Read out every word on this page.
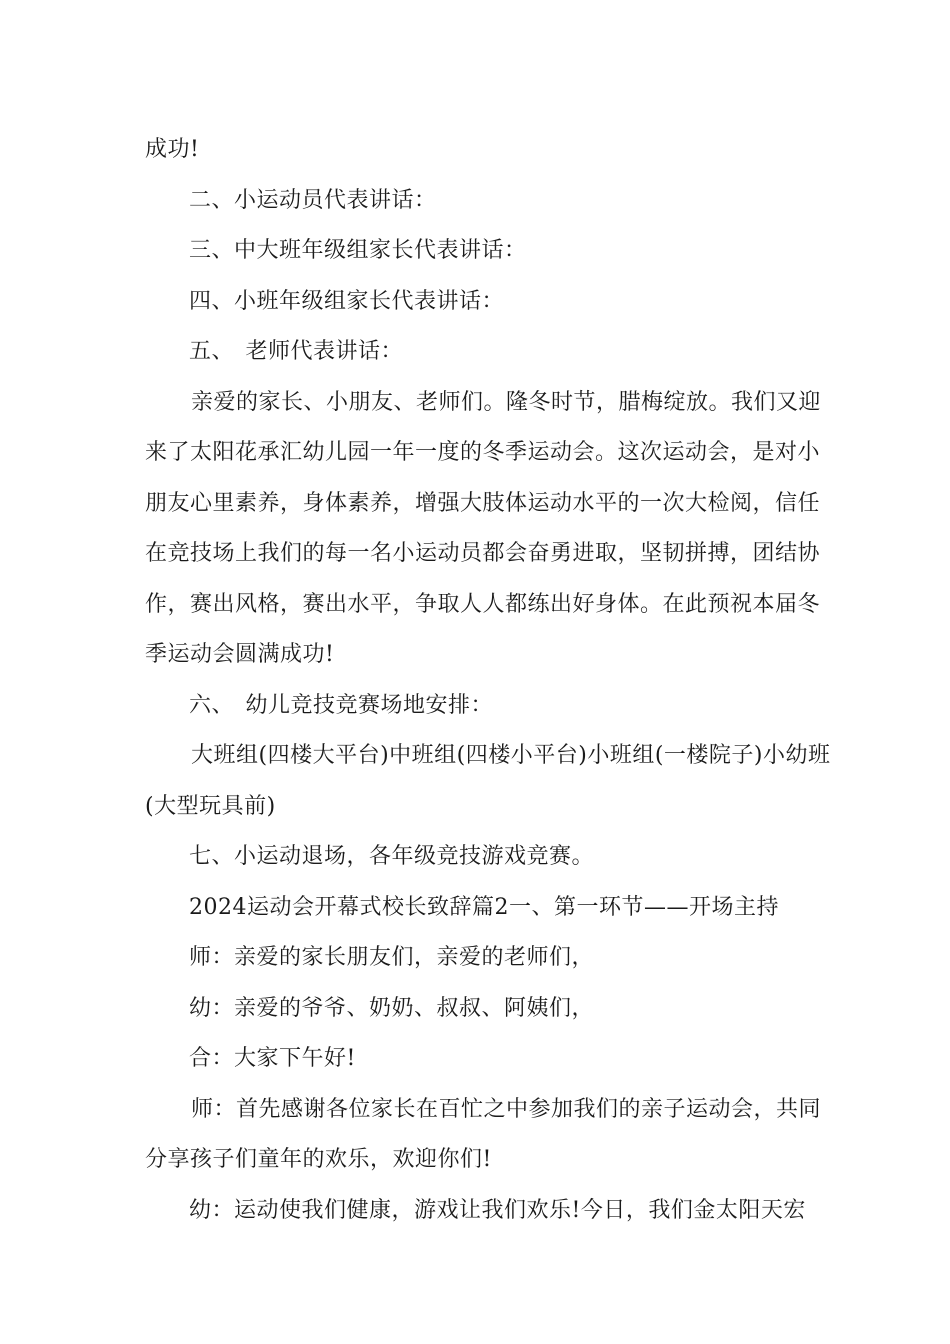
成功!

二、小运动员代表讲话：

三、中大班年级组家长代表讲话：

四、小班年级组家长代表讲话：

五、　老师代表讲话：

亲爱的家长、小朋友、老师们。隆冬时节，腊梅绽放。我们又迎来了太阳花承汇幼儿园一年一度的冬季运动会。这次运动会，是对小朋友心里素养，身体素养，增强大肢体运动水平的一次大检阅，信任在竞技场上我们的每一名小运动员都会奋勇进取，坚韧拼搏，团结协作，赛出风格，赛出水平，争取人人都练出好身体。在此预祝本届冬季运动会圆满成功!

六、　幼儿竞技竞赛场地安排：

大班组(四楼大平台)中班组(四楼小平台)小班组(一楼院子)小幼班(大型玩具前)

七、小运动退场，各年级竞技游戏竞赛。

2024运动会开幕式校长致辞篇2一、第一环节——开场主持

师：亲爱的家长朋友们，亲爱的老师们，

幼：亲爱的爷爷、奶奶、叔叔、阿姨们，

合：大家下午好!

师：首先感谢各位家长在百忙之中参加我们的亲子运动会，共同分享孩子们童年的欢乐，欢迎你们!

幼：运动使我们健康，游戏让我们欢乐!今日，我们金太阳天宏
